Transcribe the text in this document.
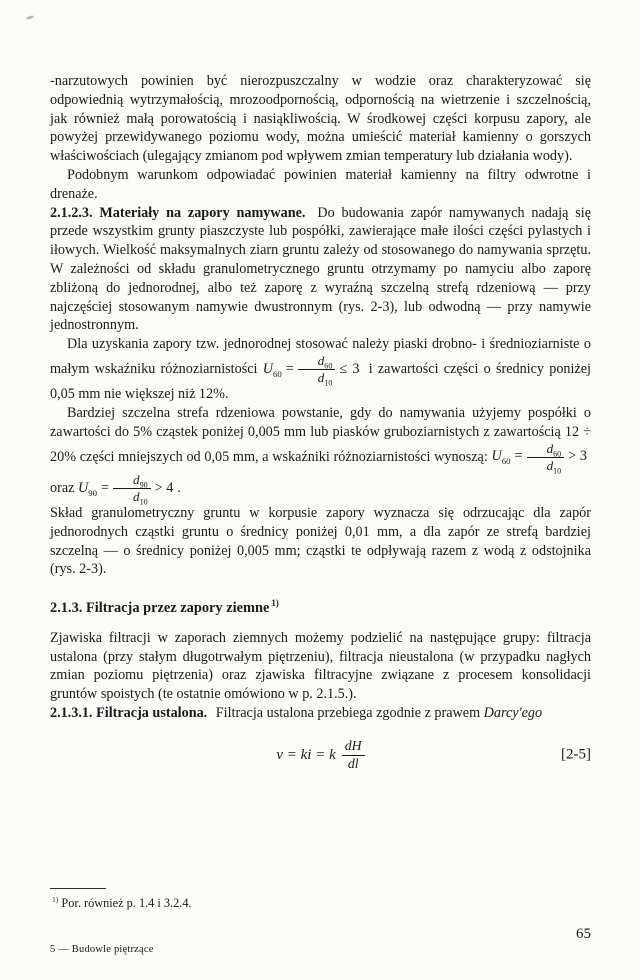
-narzutowych powinien być nierozpuszczalny w wodzie oraz charakteryzować się odpowiednią wytrzymałością, mrozoodpornością, odpornością na wietrzenie i szczelnością, jak również małą porowatością i nasiąkliwością. W środkowej części korpusu zapory, ale powyżej przewidywanego poziomu wody, można umieścić materiał kamienny o gorszych właściwościach (ulegający zmianom pod wpływem zmian temperatury lub działania wody).

Podobnym warunkom odpowiadać powinien materiał kamienny na filtry odwrotne i drenaże.

2.1.2.3. Materiały na zapory namywane. Do budowania zapór namywanych nadają się przede wszystkim grunty piaszczyste lub pospółki, zawierające małe ilości części pylastych i iłowych. Wielkość maksymalnych ziarn gruntu zależy od stosowanego do namywania sprzętu. W zależności od składu granulometrycznego gruntu otrzymamy po namyciu albo zaporę zbliżoną do jednorodnej, albo też zaporę z wyraźną szczelną strefą rdzeniową — przy najczęściej stosowanym namywie dwustronnym (rys. 2-3), lub odwodną — przy namywie jednostronnym.

Dla uzyskania zapory tzw. jednorodnej stosować należy piaski drobno- i średnioziarniste o małym wskaźniku różnoziarnistości $U_{60} = \frac{d_{60}}{d_{10}} \le 3$ i zawartości części o średnicy poniżej 0,05 mm nie większej niż 12%.

Bardziej szczelna strefa rdzeniowa powstanie, gdy do namywania użyjemy pospółki o zawartości do 5% cząstek poniżej 0,005 mm lub piasków gruboziarnistych z zawartością 12 ÷ 20% części mniejszych od 0,05 mm, a wskaźniki różnoziarnistości wynoszą: $U_{60} = \frac{d_{60}}{d_{10}} > 3$ oraz $U_{90} = \frac{d_{90}}{d_{10}} > 4$ .

Skład granulometryczny gruntu w korpusie zapory wyznacza się odrzucając dla zapór jednorodnych cząstki gruntu o średnicy poniżej 0,01 mm, a dla zapór ze strefą bardziej szczelną — o średnicy poniżej 0,005 mm; cząstki te odpływają razem z wodą z odstojnika (rys. 2-3).

2.1.3. Filtracja przez zapory ziemne $^{1)}$

Zjawiska filtracji w zaporach ziemnych możemy podzielić na następujące grupy: filtracja ustalona (przy stałym długotrwałym piętrzeniu), filtracja nieustalona (w przypadku nagłych zmian poziomu piętrzenia) oraz zjawiska filtracyjne związane z procesem konsolidacji gruntów spoistych (te ostatnie omówiono w p. 2.1.5.).

2.1.3.1. Filtracja ustalona. Filtracja ustalona przebiega zgodnie z prawem Darcy'ego

v = ki = k $\frac{dH}{dl}$	[2-5]

$^{1)}$ Por. również p. 1.4 i 3.2.4.

5 — Budowle piętrzące
65
